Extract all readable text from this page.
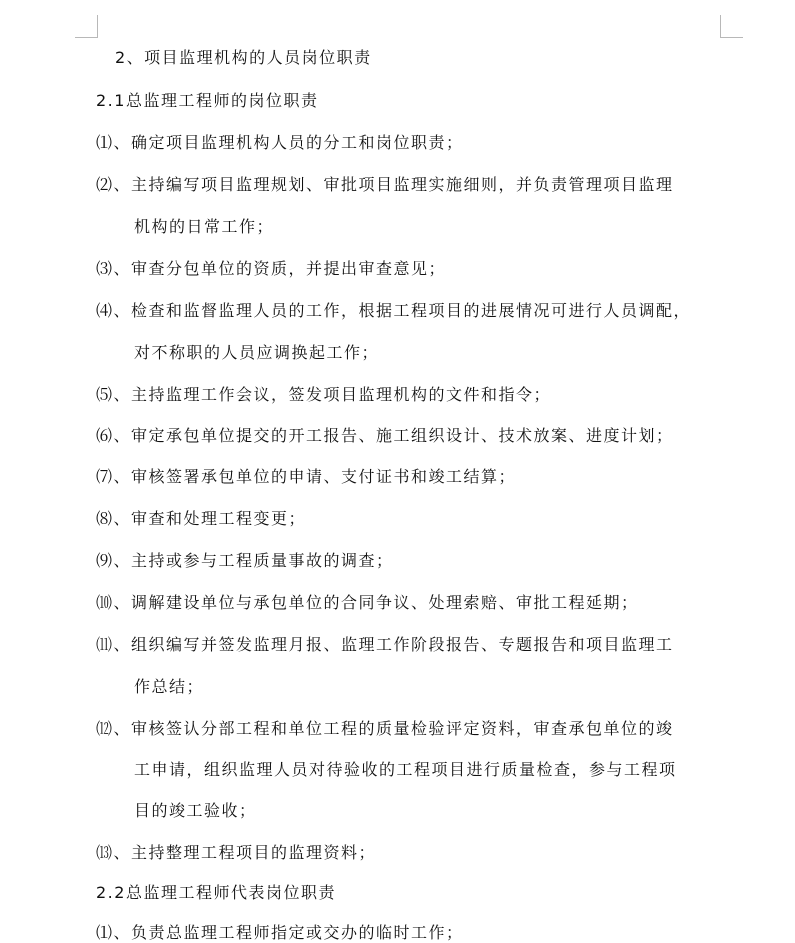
2、项目监理机构的人员岗位职责
2.1总监理工程师的岗位职责
⑴、确定项目监理机构人员的分工和岗位职责；
⑵、主持编写项目监理规划、审批项目监理实施细则，并负责管理项目监理
机构的日常工作；
⑶、审查分包单位的资质，并提出审查意见；
⑷、检查和监督监理人员的工作，根据工程项目的进展情况可进行人员调配，
对不称职的人员应调换起工作；
⑸、主持监理工作会议，签发项目监理机构的文件和指令；
⑹、审定承包单位提交的开工报告、施工组织设计、技术放案、进度计划；
⑺、审核签署承包单位的申请、支付证书和竣工结算；
⑻、审查和处理工程变更；
⑼、主持或参与工程质量事故的调查；
⑽、调解建设单位与承包单位的合同争议、处理索赔、审批工程延期；
⑾、组织编写并签发监理月报、监理工作阶段报告、专题报告和项目监理工
作总结；
⑿、审核签认分部工程和单位工程的质量检验评定资料，审查承包单位的竣
工申请，组织监理人员对待验收的工程项目进行质量检查，参与工程项
目的竣工验收；
⒀、主持整理工程项目的监理资料；
2.2总监理工程师代表岗位职责
⑴、负责总监理工程师指定或交办的临时工作；
